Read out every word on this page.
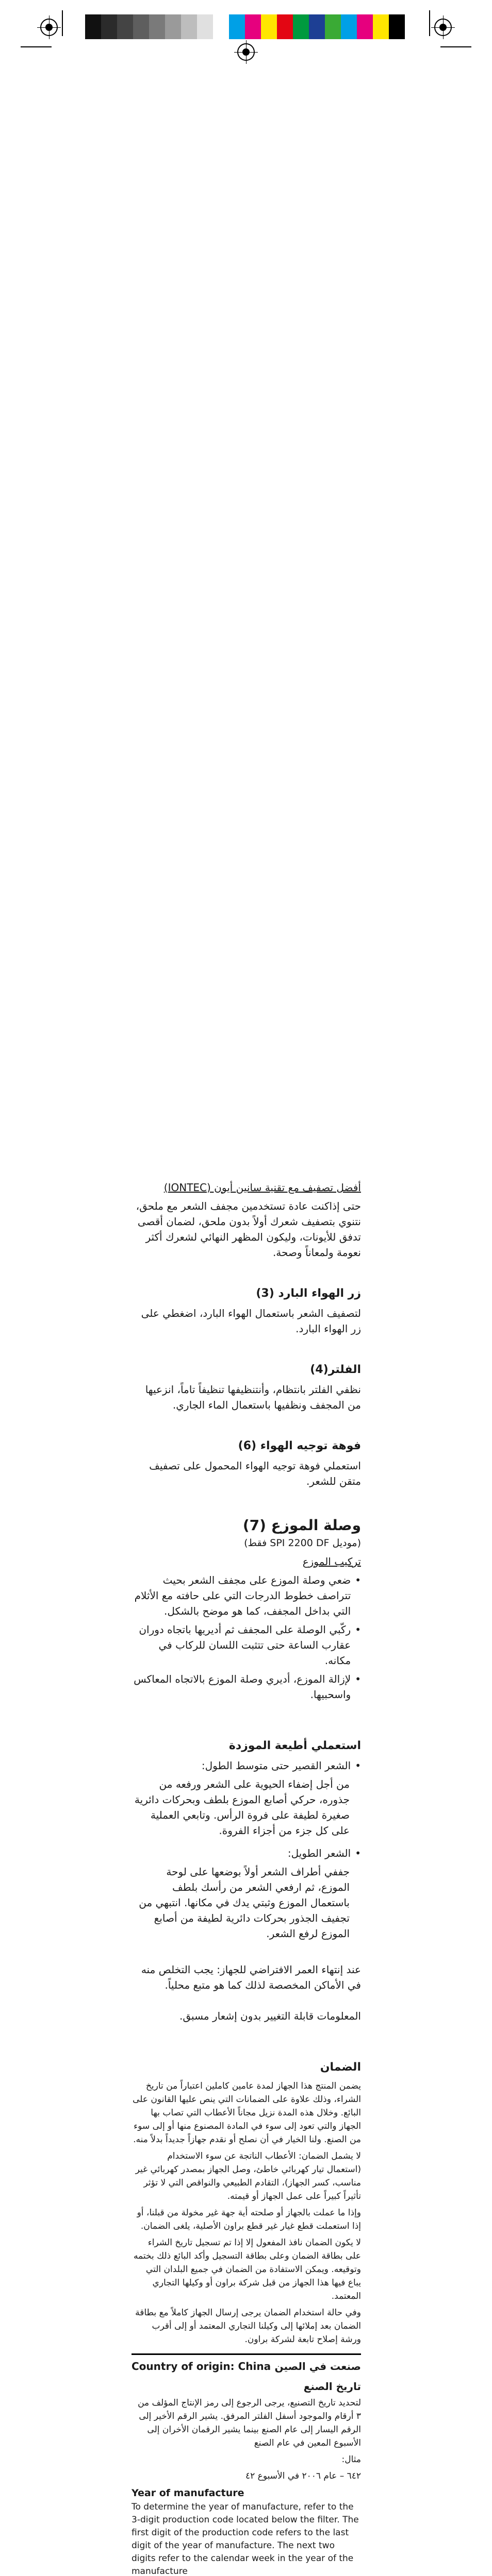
أفضل تصفيف مع تقنية سانين أيون (IONTEC)

حتى إذاكنت عادة تستخدمين مجفف الشعر مع ملحق، نتنوي بتصفيف شعرك أولاً بدون ملحق، لضمان أقصى تدفق للأيونات، وليكون المظهر النهائي لشعرك أكثر نعومة ولمعاناً وصحة.

زر الهواء البارد (3)

لتصفيف الشعر باستعمال الهواء البارد، اضغطي على زر الهواء البارد.

الفلتر(4)

نظفي الفلتر بانتظام، وأنتنظيفها تنظيفاً تاماً، انزعيها من المجفف ونظفيها باستعمال الماء الجاري.

فوهة توجيه الهواء (6)

استعملي فوهة توجيه الهواء المحمول على تصفيف متقن للشعر.

وصلة الموزع (7)

(موديل SPI 2200 DF فقط)

تركيب الموزع

•
ضعي وصلة الموزع على مجفف الشعر بحيث تتراصف خطوط الدرجات التي على حافته مع الأثلام التي بداخل المجفف، كما هو موضح بالشكل.
•
ركّبي الوصلة على المجفف ثم أديريها باتجاه دوران عقارب الساعة حتى تتثبت اللسان للركاب في مكانه.
•
لإزالة الموزع، أديري وصلة الموزع بالاتجاه المعاكس واسحبيها.
استعملي أطيعة الموزدة
•
الشعر القصير حتى متوسط الطول:

من أجل إضفاء الحيوية على الشعر ورفعه من جذوره، حركي أصابع الموزع بلطف وبحركات دائرية صغيرة لطيفة على فروة الرأس. وتابعي العملية على كل جزء من أجزاء الفروة.

•
الشعر الطويل:

جففي أطراف الشعر أولاً بوضعها على لوحة الموزع، ثم ارفعي الشعر من رأسك بلطف باستعمال الموزع وثبتي يدك في مكانها. انتبهي من تجفيف الجذور بحركات دائرية لطيفة من أصابع الموزع لرفع الشعر.

عند إنتهاء العمر الافتراضي للجهاز: يجب التخلص منه في الأماكن المخصصة لذلك كما هو متبع محلياً.

المعلومات قابلة التغيير بدون إشعار مسبق.

الضمان

يضمن المنتج هذا الجهاز لمدة عامين كاملين اعتباراً من تاريخ الشراء، وذلك علاوة على الضمانات التي ينص عليها القانون على البائع. وخلال هذه المدة نزيل مجاناً الأعطاب التي تصاب بها الجهاز والتي تعود إلى سوء في المادة المصنوع منها أو إلى سوء من الصنع. ولنا الخيار في أن نصلح أو نقدم جهازاً جديداً بدلاً منه.

لا يشمل الضمان: الأعطاب الناتجة عن سوء الاستخدام (استعمال تيار كهربائي خاطئ، وصل الجهاز بمصدر كهربائي غير مناسب، كسر الجهاز)، التقادم الطبيعي والنواقص التي لا تؤثر تأثيراً كبيراً على عمل الجهاز أو قيمته.

وإذا ما عملت بالجهاز أو صلحته أية جهة غير مخولة من قبلنا، أو إذا استعملت قطع غيار غير قطع براون الأصلية، يلغى الضمان.

لا يكون الضمان نافذ المفعول إلا إذا تم تسجيل تاريخ الشراء على بطاقة الضمان وعلى بطاقة التسجيل وأكد البائع ذلك بختمه وتوقيعه. ويمكن الاستفادة من الضمان في جميع البلدان التي يباع فيها هذا الجهاز من قبل شركة براون أو وكيلها التجاري المعتمد.

وفي حالة استخدام الضمان يرجى إرسال الجهاز كاملاً مع بطاقة الضمان بعد إملائها إلى وكيلنا التجاري المعتمد أو إلى أقرب ورشة إصلاح تابعة لشركة براون.

Country of origin: China صنعت في الصين

تاريخ الصنع

لتحديد تاريخ التصنيع، يرجى الرجوع إلى رمز الإنتاج المؤلف من ٣ أرقام والموجود أسفل الفلتر المرفق. يشير الرقم الأخير إلى الرقم اليسار إلى عام الصنع بينما يشير الرقمان الأخران إلى الأسبوع المعين في عام الصنع

مثال:

٦٤٢ – عام ٢٠٠٦ في الأسبوع ٤٢

Year of manufacture

To determine the year of manufacture, refer to the 3-digit production code located below the filter. The first digit of the production code refers to the last digit of the year of manufacture. The next two digits refer to the calendar week in the year of the manufacture
